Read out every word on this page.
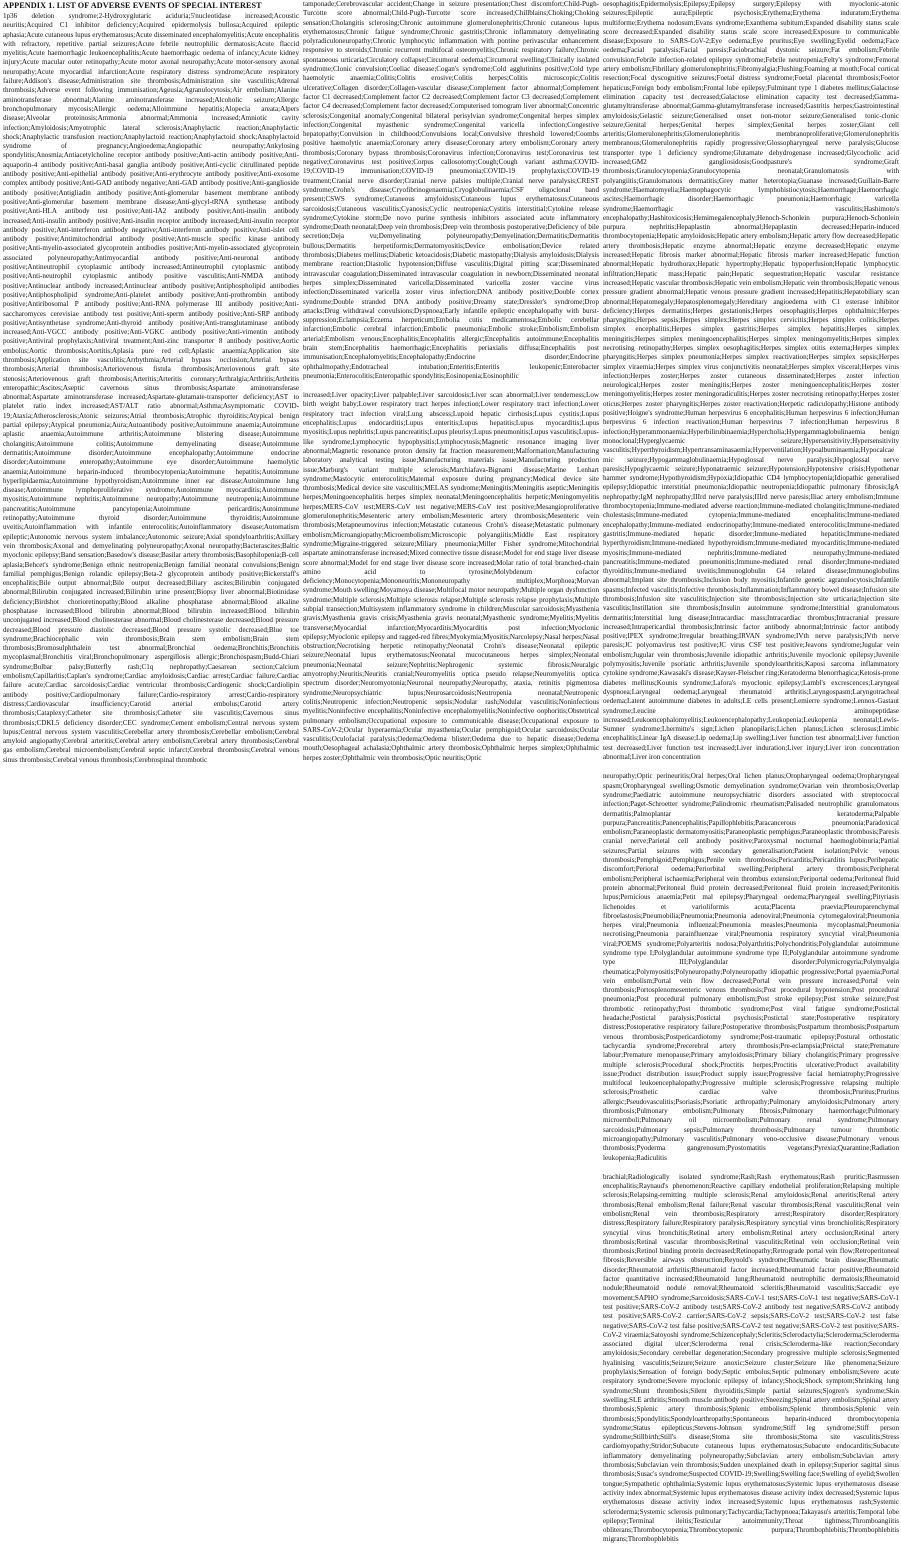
APPENDIX 1. LIST OF ADVERSE EVENTS OF SPECIAL INTEREST

1p36 deletion syndrome;2-Hydroxyglutaric aciduria;5'nucleotidase increased;Acoustic neuritis;Acquired C1 inhibitor deficiency;Acquired epidermolysis bullosa;Acquired epileptic aphasia;Acute cutaneous lupus erythematosus;Acute disseminated encephalomyelitis;Acute encephalitis with refractory, repetitive partial seizures;Acute febrile neutrophilic dermatosis;Acute flaccid myelitis;Acute haemorrhagic leukoencephalitis;Acute haemorrhagic oedema of infancy;Acute kidney injury;Acute macular outer retinopathy;Acute motor axonal neuropathy;Acute motor-sensory axonal neuropathy;Acute myocardial infarction;Acute respiratory distress syndrome;Acute respiratory failure;Addison's disease;Administration site thrombosis;Administration site vasculitis;Adrenal thrombosis;Adverse event following immunisation;Ageusia;Agranulocytosis;Air embolism;Alanine aminotransferase abnormal;Alanine aminotransferase increased;Alcoholic seizure;Allergic bronchopulmonary mycosis;Allergic oedema;Alloimmune hepatitis;Alopecia areata;Alpers disease;Alveolar proteinosis;Ammonia abnormal;Ammonia increased;Amniotic cavity infection;Amyloidosis;Amyotrophic lateral sclerosis;Anaphylactic reaction;Anaphylactic shock;Anaphylactic transfusion reaction;Anaphylactoid reaction;Anaphylactoid shock;Anaphylactoid syndrome of pregnancy;Angioedema;Angiopathic neuropathy;Ankylosing spondylitis;Anosmia;Antiacetylcholine receptor antibody positive;Anti-actin antibody positive;Anti-aquaporin-4 antibody positive;Anti-basal ganglia antibody positive;Anti-cyclic citrullinated peptide antibody positive;Anti-epithelial antibody positive;Anti-erythrocyte antibody positive;Anti-exosome complex antibody positive;Anti-GAD antibody negative;Anti-GAD antibody positive;Anti-ganglioside antibody positive;Antigliadin antibody positive;Anti-glomerular basement membrane antibody positive;Anti-glomerular basement membrane disease;Anti-glycyl-tRNA synthetase antibody positive;Anti-HLA antibody test positive;Anti-IA2 antibody positive;Anti-insulin antibody increased;Anti-insulin antibody positive;Anti-insulin receptor antibody increased;Anti-insulin receptor antibody positive;Anti-interferon antibody negative;Anti-interferon antibody positive;Anti-islet cell antibody positive;Antimitochondrial antibody positive;Anti-muscle specific kinase antibody positive;Anti-myelin-associated glycoprotein antibodies positive;Anti-myelin-associated glycoprotein associated polyneuropathy;Antimyocardial antibody positive;Anti-neuronal antibody positive;Antineutrophil cytoplasmic antibody increased;Antineutrophil cytoplasmic antibody positive;Anti-neutrophil cytoplasmic antibody positive vasculitis;Anti-NMDA antibody positive;Antinuclear antibody increased;Antinuclear antibody positive;Antiphospholipid antibodies positive;Antiphospholipid syndrome;Anti-platelet antibody positive;Anti-prothrombin antibody positive;Antiribosomal P antibody positive;Anti-RNA polymerase III antibody positive;Anti-saccharomyces cerevisiae antibody test positive;Anti-sperm antibody positive;Anti-SRP antibody positive;Antisynthetase syndrome;Anti-thyroid antibody positive;Anti-transglutaminase antibody increased;Anti-VGCC antibody positive;Anti-VGKC antibody positive;Anti-vimentin antibody positive;Antiviral prophylaxis;Antiviral treatment;Anti-zinc transporter 8 antibody positive;Aortic embolus;Aortic thrombosis;Aortitis;Aplasia pure red cell;Aplastic anaemia;Application site thrombosis;Application site vasculitis;Arrhythmia;Arterial bypass occlusion;Arterial bypass thrombosis;Arterial thrombosis;Arteriovenous fistula thrombosis;Arteriovenous graft site stenosis;Arteriovenous graft thrombosis;Arteritis;Arteritis coronary;Arthralgia;Arthritis;Arthritis enteropathic;Ascites;Aseptic cavernous sinus thrombosis;Aspartate aminotransferase abnormal;Aspartate aminotransferase increased;Aspartate-glutamate-transporter deficiency;AST to platelet ratio index increased;AST/ALT ratio abnormal;Asthma;Asymptomatic COVID-19;Ataxia;Atherosclerosis;Atonic seizures;Atrial thrombosis;Atrophic thyroiditis;Atypical benign partial epilepsy;Atypical pneumonia;Aura;Autoantibody positive;Autoimmune anaemia;Autoimmune aplastic anaemia;Autoimmune arthritis;Autoimmune blistering disease;Autoimmune cholangitis;Autoimmune colitis;Autoimmune demyelinating disease;Autoimmune dermatitis;Autoimmune disorder;Autoimmune encephalopathy;Autoimmune endocrine disorder;Autoimmune enteropathy;Autoimmune eye disorder;Autoimmune haemolytic anaemia;Autoimmune heparin-induced thrombocytopenia;Autoimmune hepatitis;Autoimmune hyperlipidaemia;Autoimmune hypothyroidism;Autoimmune inner ear disease;Autoimmune lung disease;Autoimmune lymphoproliferative syndrome;Autoimmune myocarditis;Autoimmune myositis;Autoimmune nephritis;Autoimmune neuropathy;Autoimmune neutropenia;Autoimmune pancreatitis;Autoimmune pancytopenia;Autoimmune pericarditis;Autoimmune retinopathy;Autoimmune thyroid disorder;Autoimmune thyroiditis;Autoimmune uveitis;Autoinflammation with infantile enterocolitis;Autoinflammatory disease;Automatism epileptic;Autonomic nervous system imbalance;Autonomic seizure;Axial spondyloarthritis;Axillary vein thrombosis;Axonal and demyelinating polyneuropathy;Axonal neuropathy;Bacterascites;Baltic myoclonic epilepsy;Band sensation;Basedow's disease;Basilar artery thrombosis;Basophilopenia;B-cell aplasia;Behcet's syndrome;Benign ethnic neutropenia;Benign familial neonatal convulsions;Benign familial pemphigus;Benign rolandic epilepsy;Beta-2 glycoprotein antibody positive;Bickerstaff's encephalitis;Bile output abnormal;Bile output decreased;Biliary ascites;Bilirubin conjugated abnormal;Bilirubin conjugated increased;Bilirubin urine present;Biopsy liver abnormal;Biotinidase deficiency;Birdshot chorioretinopathy;Blood alkaline phosphatase abnormal;Blood alkaline phosphatase increased;Blood bilirubin abnormal;Blood bilirubin increased;Blood bilirubin unconjugated increased;Blood cholinesterase abnormal;Blood cholinesterase decreased;Blood pressure decreased;Blood pressure diastolic decreased;Blood pressure systolic decreased;Blue toe syndrome;Brachiocephalic vein thrombosis;Brain stem embolism;Brain stem thrombosis;Bromosulphthalein test abnormal;Bronchial oedema;Bronchitis;Bronchitis mycoplasmal;Bronchitis viral;Bronchopulmonary aspergillosis allergic;Bronchospasm;Budd-Chiari syndrome;Bulbar palsy;Butterfly rash;C1q nephropathy;Caesarean section;Calcium embolism;Capillaritis;Caplan's syndrome;Cardiac amyloidosis;Cardiac arrest;Cardiac failure;Cardiac failure acute;Cardiac sarcoidosis;Cardiac ventricular thrombosis;Cardiogenic shock;Cardiolipin antibody positive;Cardiopulmonary failure;Cardio-respiratory arrest;Cardio-respiratory distress;Cardiovascular insufficiency;Carotid arterial embolus;Carotid artery thrombosis;Cataplexy;Catheter site thrombosis;Catheter site vasculitis;Cavernous sinus thrombosis;CDKL5 deficiency disorder;CEC syndrome;Cement embolism;Central nervous system lupus;Central nervous system vasculitis;Cerebellar artery thrombosis;Cerebellar embolism;Cerebral amyloid angiopathy;Cerebral arteritis;Cerebral artery embolism;Cerebral artery thrombosis;Cerebral gas embolism;Cerebral microembolism;Cerebral septic infarct;Cerebral thrombosis;Cerebral venous sinus thrombosis;Cerebral venous thrombosis;Cerebrospinal thrombotic

tamponade;Cerebrovascular accident;Change in seizure presentation;Chest discomfort;Child-Pugh-Turcotte score abnormal;Child-Pugh-Turcotte score increased;Chillblains;Choking;Choking sensation;Cholangitis sclerosing;Chronic autoimmune glomerulonephritis;Chronic cutaneous lupus erythematosus;Chronic fatigue syndrome;Chronic gastritis;Chronic inflammatory demyelinating polyradiculoneuropathy;Chronic lymphocytic inflammation with pontine perivascular enhancement responsive to steroids;Chronic recurrent multifocal osteomyelitis;Chronic respiratory failure;Chronic spontaneous urticaria;Circulatory collapse;Circumoral oedema;Circumoral swelling;Clinically isolated syndrome;Clonic convulsion;Coeliac disease;Cogan's syndrome;Cold agglutinins positive;Cold type haemolytic anaemia;Colitis;Colitis erosive;Colitis herpes;Colitis microscopic;Colitis ulcerative;Collagen disorder;Collagen-vascular disease;Complement factor abnormal;Complement factor C1 decreased;Complement factor C2 decreased;Complement factor C3 decreased;Complement factor C4 decreased;Complement factor decreased;Computerised tomogram liver abnormal;Concentric sclerosis;Congenital anomaly;Congenital bilateral perisylvian syndrome;Congenital herpes simplex infection;Congenital myasthenic syndrome;Congenital varicella infection;Congestive hepatopathy;Convulsion in childhood;Convulsions local;Convulsive threshold lowered;Coombs positive haemolytic anaemia;Coronary artery disease;Coronary artery embolism;Coronary artery thrombosis;Coronary bypass thrombosis;Coronavirus infection;Coronavirus test;Coronavirus test negative;Coronavirus test positive;Corpus callosotomy;Cough;Cough variant asthma;COVID-19;COVID-19 immunisation;COVID-19 pneumonia;COVID-19 prophylaxis;COVID-19 treatment;Cranial nerve disorder;Cranial nerve palsies multiple;Cranial nerve paralysis;CREST syndrome;Crohn's disease;Cryofibrinogenaemia;Cryoglobulinaemia;CSF oligoclonal band present;CSWS syndrome;Cutaneous amyloidosis;Cutaneous lupus erythematosus;Cutaneous sarcoidosis;Cutaneous vasculitis;Cyanosis;Cyclic neutropenia;Cystitis interstitial;Cytokine release syndrome;Cytokine storm;De novo purine synthesis inhibitors associated acute inflammatory syndrome;Death neonatal;Deep vein thrombosis;Deep vein thrombosis postoperative;Deficiency of bile secretion;Deja vu;Demyelinating polyneuropathy;Demyelination;Dermatitis;Dermatitis bullous;Dermatitis herpetiformis;Dermatomyositis;Device embolisation;Device related thrombosis;Diabetes mellitus;Diabetic ketoacidosis;Diabetic mastopathy;Dialysis amyloidosis;Dialysis membrane reaction;Diastolic hypotension;Diffuse vasculitis;Digital pitting scar;Disseminated intravascular coagulation;Disseminated intravascular coagulation in newborn;Disseminated neonatal herpes simplex;Disseminated varicella;Disseminated varicella zoster vaccine virus infection;Disseminated varicella zoster virus infection;DNA antibody positive;Double cortex syndrome;Double stranded DNA antibody positive;Dreamy state;Dressler's syndrome;Drop attacks;Drug withdrawal convulsions;Dyspnoea;Early infantile epileptic encephalopathy with burst-suppression;Eclampsia;Eczema herpeticum;Embolia cutis medicamentosa;Embolic cerebellar infarction;Embolic cerebral infarction;Embolic pneumonia;Embolic stroke;Embolism;Embolism arterial;Embolism venous;Encephalitis;Encephalitis allergic;Encephalitis autoimmune;Encephalitis brain stem;Encephalitis haemorrhagic;Encephalitis periaxialis diffusa;Encephalitis post immunisation;Encephalomyelitis;Encephalopathy;Endocrine disorder;Endocrine ophthalmopathy;Endotracheal intubation;Enteritis;Enteritis leukopenic;Enterobacter pneumonia;Enterocolitis;Enteropathic spondylitis;Eosinopenia;Eosinophilic

increased;Liver opacity;Liver palpable;Liver sarcoidosis;Liver scan abnormal;Liver tenderness;Low birth weight baby;Lower respiratory tract herpes infection;Lower respiratory tract infection;Lower respiratory tract infection viral;Lung abscess;Lupoid hepatic cirrhosis;Lupus cystitis;Lupus encephalitis;Lupus endocarditis;Lupus enteritis;Lupus hepatitis;Lupus myocarditis;Lupus myositis;Lupus nephritis;Lupus pancreatitis;Lupus pleurisy;Lupus pneumonitis;Lupus vasculitis;Lupus-like syndrome;Lymphocytic hypophysitis;Lymphocytosis;Magnetic resonance imaging liver abnormal;Magnetic resonance proton density fat fraction measurement;Malformation;Manufacturing laboratory analytical testing issue;Manufacturing materials issue;Manufacturing production issue;Marburg's variant multiple sclerosis;Marchiafava-Bignami disease;Marine Lenhart syndrome;Mastocytic enterocolitis;Maternal exposure during pregnancy;Medical device site thrombosis;Medical device site vasculitis;MELAS syndrome;Meningitis;Meningitis aseptic;Meningitis herpes;Meningoencephalitis herpes simplex neonatal;Meningoencephalitis herpetic;Meningomyelitis herpes;MERS-CoV test;MERS-CoV test negative;MERS-CoV test positive;Mesangioproliferative glomerulonephritis;Mesenteric artery embolism;Mesenteric artery thrombosis;Mesenteric vein thrombosis;Metapneumovirus infection;Metastatic cutaneous Crohn's disease;Metastatic pulmonary embolism;Microangiopathy;Microembolism;Microscopic polyangiitis;Middle East respiratory syndrome;Migraine-triggered seizure;Miliary pneumonia;Miller Fisher syndrome;Mitochondrial aspartate aminotransferase increased;Mixed connective tissue disease;Model for end stage liver disease score abnormal;Model for end stage liver disease score increased;Molar ratio of total branched-chain amino acid to tyrosine;Molybdenum cofactor deficiency;Monocytopenia;Mononeuritis;Mononeuropathy multiplex;Morphoea;Morvan syndrome;Mouth swelling;Moyamoya disease;Multifocal motor neuropathy;Multiple organ dysfunction syndrome;Multiple sclerosis;Multiple sclerosis relapse;Multiple sclerosis relapse prophylaxis;Multiple subpial transection;Multisystem inflammatory syndrome in children;Muscular sarcoidosis;Myasthenia gravis;Myasthenia gravis crisis;Myasthenia gravis neonatal;Myasthenic syndrome;Myelitis;Myelitis transverse;Myocardial infarction;Myocarditis;Myocarditis post infection;Myoclonic epilepsy;Myoclonic epilepsy and ragged-red fibres;Myokymia;Myositis;Narcolepsy;Nasal herpes;Nasal obstruction;Necrotising herpetic retinopathy;Neonatal Crohn's disease;Neonatal epileptic seizure;Neonatal lupus erythematosus;Neonatal mucocutaneous herpes simplex;Neonatal pneumonia;Neonatal seizure;Nephritis;Nephrogenic systemic fibrosis;Neuralgic amyotrophy;Neuritis;Neuritis cranial;Neuromyelitis optica pseudo relapse;Neuromyelitis optica spectrum disorder;Neuromyotonia;Neuronal neuropathy;Neuropathy, ataxia, retinitis pigmentosa syndrome;Neuropsychiatric lupus;Neurosarcoidosis;Neutropenia neonatal;Neutropenic colitis;Neutropenic infection;Neutropenic sepsis;Nodular rash;Nodular vasculitis;Noninfectious myelitis;Noninfective encephalitis;Noninfective encephalomyelitis;Noninfective oophoritis;Obstetrical pulmonary embolism;Occupational exposure to communicable disease;Occupational exposure to SARS-CoV-2;Ocular hyperaemia;Ocular myasthenia;Ocular pemphigoid;Ocular sarcoidosis;Ocular vasculitis;Oculofacial paralysis;Oedema;Oedema blister;Oedema due to hepatic disease;Oedema mouth;Oesophageal achalasia;Ophthalmic artery thrombosis;Ophthalmic herpes simplex;Ophthalmic herpes zoster;Ophthalmic vein thrombosis;Optic neuritis;Optic

oesophagitis;Epidermolysis;Epilepsy;Epilepsy surgery;Epilepsy with myoclonic-atonic seizures;Epileptic aura;Epileptic psychosis;Erythema;Erythema induratum;Erythema multiforme;Erythema nodosum;Evans syndrome;Exanthema subitum;Expanded disability status scale score decreased;Expanded disability status scale score increased;Exposure to communicable disease;Exposure to SARS-CoV-2;Eye oedema;Eye pruritus;Eye swelling;Eyelid oedema;Face oedema;Facial paralysis;Facial paresis;Faciobrachial dystonic seizure;Fat embolism;Febrile convulsion;Febrile infection-related epilepsy syndrome;Febrile neutropenia;Felty's syndrome;Femoral artery embolism;Fibrillary glomerulonephritis;Fibromyalgia;Flushing;Foaming at mouth;Focal cortical resection;Focal dyscognitive seizures;Foetal distress syndrome;Foetal placental thrombosis;Foetor hepaticus;Foreign body embolism;Frontal lobe epilepsy;Fulminant type 1 diabetes mellitus;Galactose elimination capacity test decreased;Galactose elimination capacity test decreased;Gamma-glutamyltransferase abnormal;Gamma-glutamyltransferase increased;Gastritis herpes;Gastrointestinal amyloidosis;Gelastic seizure;Generalised onset non-motor seizure;Generalised tonic-clonic seizure;Genital herpes;Genital herpes simplex;Genital herpes zoster;Giant cell arteritis;Glomerulonephritis;Glomerulonephritis membranoproliferative;Glomerulonephritis membranous;Glomerulonephritis rapidly progressive;Glossopharyngeal nerve paralysis;Glucose transporter type 1 deficiency syndrome;Glutamate dehydrogenase increased;Glycocholic acid increased;GM2 gangliosidosis;Goodpasture's syndrome;Graft thrombosis;Granulocytopenia;Granulocytopenia neonatal;Granulomatosis with polyangiitis;Granulomatous dermatitis;Grey matter heterotopia;Guanase increased;Guillain-Barre syndrome;Haematomyelia;Haemophagocytic lymphohistiocytosis;Haemorrhage;Haemorrhagic ascites;Haemorrhagic disorder;Haemorrhagic pneumonia;Haemorrhagic varicella syndrome;Haemorrhagic vasculitis;Hashimoto's encephalopathy;Hashitoxicosis;Hemimegalencephaly;Henoch-Schonlein purpura;Henoch-Schonlein purpura nephritis;Hepaplastin abnormal;Hepaplastin decreased;Heparin-induced thrombocytopenia;Hepatic amyloidosis;Hepatic artery embolism;Hepatic artery flow decreased;Hepatic artery thrombosis;Hepatic enzyme abnormal;Hepatic enzyme decreased;Hepatic enzyme increased;Hepatic fibrosis marker abnormal;Hepatic fibrosis marker increased;Hepatic function abnormal;Hepatic hydrothorax;Hepatic hypertrophy;Hepatic hypoperfusion;Hepatic lymphocytic infiltration;Hepatic mass;Hepatic pain;Hepatic sequestration;Hepatic vascular resistance increased;Hepatic vascular thrombosis;Hepatic vein embolism;Hepatic vein thrombosis;Hepatic venous pressure gradient abnormal;Hepatic venous pressure gradient increased;Hepatitis;Hepatobiliary scan abnormal;Hepatomegaly;Hepatosplenomegaly;Hereditary angioedema with C1 esterase inhibitor deficiency;Herpes dermatitis;Herpes gestationis;Herpes oesophagitis;Herpes ophthalmic;Herpes pharyngitis;Herpes sepsis;Herpes simplex;Herpes simplex cervicitis;Herpes simplex colitis;Herpes simplex encephalitis;Herpes simplex gastritis;Herpes simplex hepatitis;Herpes simplex meningitis;Herpes simplex meningoencephalitis;Herpes simplex meningomyelitis;Herpes simplex necrotising retinopathy;Herpes simplex oesophagitis;Herpes simplex otitis externa;Herpes simplex pharyngitis;Herpes simplex pneumonia;Herpes simplex reactivation;Herpes simplex sepsis;Herpes simplex viraemia;Herpes simplex virus conjunctivitis neonatal;Herpes simplex visceral;Herpes virus infection;Herpes zoster;Herpes zoster cutaneous disseminated;Herpes zoster infection neurological;Herpes zoster meningitis;Herpes zoster meningoencephalitis;Herpes zoster meningomyelitis;Herpes zoster meningoradiculitis;Herpes zoster necrotising retinopathy;Herpes zoster oticus;Herpes zoster pharyngitis;Herpes zoster reactivation;Herpetic radiculopathy;Histone antibody positive;Hoigne's syndrome;Human herpesvirus 6 encephalitis;Human herpesvirus 6 infection;Human herpesvirus 6 infection reactivation;Human herpesvirus 7 infection;Human herpesvirus 8 infection;Hyperammonaemia;Hyperbilirubinaemia;Hypercholia;Hypergammaglobulinaemia benign monoclonal;Hyperglycaemic seizure;Hypersensitivity;Hypersensitivity vasculitis;Hyperthyroidism;Hypertransaminasaemia;Hyperventilation;Hypoalbuminaemia;Hypocalcaemic seizure;Hypogammaglobulinaemia;Hypoglossal nerve paralysis;Hypoglossal nerve paresis;Hypoglycaemic seizure;Hyponatraemic seizure;Hypotension;Hypotensive crisis;Hypothenar hammer syndrome;Hypothyroidism;Hypoxia;Idiopathic CD4 lymphocytopenia;Idiopathic generalised epilepsy;Idiopathic interstitial pneumonia;Idiopathic neutropenia;Idiopathic pulmonary fibrosis;IgA nephropathy;IgM nephropathy;IIIrd nerve paralysis;IIIrd nerve paresis;Iliac artery embolism;Immune thrombocytopenia;Immune-mediated adverse reaction;Immune-mediated cholangitis;Immune-mediated cholestasis;Immune-mediated cytopenia;Immune-mediated encephalitis;Immune-mediated encephalopathy;Immune-mediated endocrinopathy;Immune-mediated enterocolitis;Immune-mediated gastritis;Immune-mediated hepatic disorder;Immune-mediated hepatitis;Immune-mediated hyperthyroidism;Immune-mediated hypothyroidism;Immune-mediated myocarditis;Immune-mediated myositis;Immune-mediated nephritis;Immune-mediated neuropathy;Immune-mediated pancreatitis;Immune-mediated pneumonitis;Immune-mediated renal disorder;Immune-mediated thyroiditis;Immune-mediated uveitis;Immunoglobulin G4 related disease;Immunoglobulins abnormal;Implant site thrombosis;Inclusion body myositis;Infantile genetic agranulocytosis;Infantile spasms;Infected vasculitis;Infective thrombosis;Inflammation;Inflammatory bowel disease;Infusion site thrombosis;Infusion site vasculitis;Injection site thrombosis;Injection site urticaria;Injection site vasculitis;Instillation site thrombosis;Insulin autoimmune syndrome;Interstitial granulomatous dermatitis;Interstitial lung disease;Intracardiac mass;Intracardiac thrombus;Intracranial pressure increased;Intrapericardial thrombosis;Intrinsic factor antibody abnormal;Intrinsic factor antibody positive;IPEX syndrome;Irregular breathing;IRVAN syndrome;IVth nerve paralysis;IVth nerve paresis;JC polyomavirus test positive;JC virus CSF test positive;Jeavons syndrome;Jugular vein embolism;Jugular vein thrombosis;Juvenile idiopathic arthritis;Juvenile myoclonic epilepsy;Juvenile polymyositis;Juvenile psoriatic arthritis;Juvenile spondyloarthritis;Kaposi sarcoma inflammatory cytokine syndrome;Kawasaki's disease;Kayser-Fleischer ring;Keratoderma blenorrhagica;Ketosis-prone diabetes mellitus;Kounis syndrome;Lafora's myoclonic epilepsy;Lambl's excrescences;Laryngeal dyspnoea;Laryngeal oedema;Laryngeal rheumatoid arthritis;Laryngospasm;Laryngotracheal oedema;Latent autoimmune diabetes in adults;LE cells present;Lemierre syndrome;Lennox-Gastaut syndrome;Leucine aminopeptidase increased;Leukoencephalomyelitis;Leukoencephalopathy;Leukopenia;Leukopenia neonatal;Lewis-Sumner syndrome;Lhermitte's sign;Lichen planopilaris;Lichen planus;Lichen sclerosus;Limbic encephalitis;Linear IgA disease;Lip oedema;Lip swelling;Liver function test abnormal;Liver function test decreased;Liver function test increased;Liver induration;Liver injury;Liver iron concentration abnormal;Liver iron concentration

neuropathy;Optic perineuritis;Oral herpes;Oral lichen planus;Oropharyngeal oedema;Oropharyngeal spasm;Oropharyngeal swelling;Osmotic demyelination syndrome;Ovarian vein thrombosis;Overlap syndrome;Paediatric autoimmune neuropsychiatric disorders associated with streptococcal infection;Paget-Schroetter syndrome;Palindromic rheumatism;Palisaded neutrophilic granulomatous dermatitis;Palmoplantar keratoderma;Palpable purpura;Pancreatitis;Panencephalitis;Papillophlebitis;Paracancerous pneumonia;Paradoxical embolism;Paraneoplastic dermatomyositis;Paraneoplastic pemphigus;Paraneoplastic thrombosis;Paresis cranial nerve;Parietal cell antibody positive;Paroxysmal nocturnal haemoglobinuria;Partial seizures;Partial seizures with secondary generalisation;Patient isolation;Pelvic venous thrombosis;Pemphigoid;Pemphigus;Penile vein thrombosis;Pericarditis;Pericarditis lupus;Perihepatic discomfort;Perioral oedema;Periorbital swelling;Peripheral artery thrombosis;Peripheral embolism;Peripheral ischaemia;Peripheral vein thrombus extension;Periportal oedema;Peritoneal fluid protein abnormal;Peritoneal fluid protein decreased;Peritoneal fluid protein increased;Peritonitis lupus;Pernicious anaemia;Petit mal epilepsy;Pharyngeal oedema;Pharyngeal swelling;Pityriasis lichenoides et varioliformis acuta;Placenta praevia;Pleuroparenchymal fibroelastosis;Pneumobilia;Pneumonia;Pneumonia adenoviral;Pneumonia cytomegaloviral;Pneumonia herpes viral;Pneumonia influenzal;Pneumonia measles;Pneumonia mycoplasmal;Pneumonia necrotising;Pneumonia parainfluenzae viral;Pneumonia respiratory syncytial viral;Pneumonia viral;POEMS syndrome;Polyarteritis nodosa;Polyarthritis;Polychondritis;Polyglandular autoimmune syndrome type I;Polyglandular autoimmune syndrome type II;Polyglandular autoimmune syndrome type III;Polyglandular disorder;Polymicrogyria;Polymyalgia rheumatica;Polymyositis;Polyneuropathy;Polyneuropathy idiopathic progressive;Portal pyaemia;Portal vein embolism;Portal vein flow decreased;Portal vein pressure increased;Portal vein thrombosis;Portosplenomesenteric venous thrombosis;Post procedural hypotension;Post procedural pneumonia;Post procedural pulmonary embolism;Post stroke epilepsy;Post stroke seizure;Post thrombotic retinopathy;Post thrombotic syndrome;Post viral fatigue syndrome;Postictal headache;Postictal paralysis;Postictal psychosis;Postictal state;Postoperative respiratory distress;Postoperative respiratory failure;Postoperative thrombosis;Postpartum thrombosis;Postpartum venous thrombosis;Postpericardiotomy syndrome;Post-traumatic epilepsy;Postural orthostatic tachycardia syndrome;Precerebral artery thrombosis;Pre-eclampsia;Preictal state;Premature labour;Premature menopause;Primary amyloidosis;Primary biliary cholangitis;Primary progressive multiple sclerosis;Procedural shock;Proctitis herpes;Proctitis ulcerative;Product availability issue;Product distribution issue;Product supply issue;Progressive facial hemiatrophy;Progressive multifocal leukoencephalopathy;Progressive multiple sclerosis;Progressive relapsing multiple sclerosis;Prosthetic cardiac valve thrombosis;Pruritus;Pruritus allergic;Pseudovasculitis;Psoriasis;Psoriatic arthropathy;Pulmonary amyloidosis;Pulmonary artery thrombosis;Pulmonary embolism;Pulmonary fibrosis;Pulmonary haemorrhage;Pulmonary microemboli;Pulmonary oil microembolism;Pulmonary renal syndrome;Pulmonary sarcoidosis;Pulmonary sepsis;Pulmonary thrombosis;Pulmonary tumour thrombotic microangiopathy;Pulmonary vasculitis;Pulmonary veno-occlusive disease;Pulmonary venous thrombosis;Pyoderma gangrenosum;Pyostomatitis vegetans;Pyrexia;Quarantine;Radiation leukopenia;Radiculitis

brachial;Radiologically isolated syndrome;Rash;Rash erythematous;Rash pruritic;Rasmussen encephalitis;Raynaud's phenomenon;Reactive capillary endothelial proliferation;Relapsing multiple sclerosis;Relapsing-remitting multiple sclerosis;Renal amyloidosis;Renal arteritis;Renal artery thrombosis;Renal embolism;Renal failure;Renal vascular thrombosis;Renal vasculitis;Renal vein embolism;Renal vein thrombosis;Respiratory arrest;Respiratory disorder;Respiratory distress;Respiratory failure;Respiratory paralysis;Respiratory syncytial virus bronchiolitis;Respiratory syncytial virus bronchitis;Retinal artery embolism;Retinal artery occlusion;Retinal artery thrombosis;Retinal vascular thrombosis;Retinal vasculitis;Retinal vein occlusion;Retinal vein thrombosis;Retinol binding protein decreased;Retinopathy;Retrograde portal vein flow;Retroperitoneal fibrosis;Reversible airways obstruction;Reynold's syndrome;Rheumatic brain disease;Rheumatic disorder;Rheumatoid arthritis;Rheumatoid factor increased;Rheumatoid factor positive;Rheumatoid factor quantitative increased;Rheumatoid lung;Rheumatoid neutrophilic dermatosis;Rheumatoid nodule;Rheumatoid nodule removal;Rheumatoid scleritis;Rheumatoid vasculitis;Saccadic eye movement;SAPHO syndrome;Sarcoidosis;SARS-CoV-1 test;SARS-CoV-1 test negative;SARS-CoV-1 test positive;SARS-CoV-2 antibody test;SARS-CoV-2 antibody test negative;SARS-CoV-2 antibody test positive;SARS-CoV-2 carrier;SARS-CoV-2 sepsis;SARS-CoV-2 test;SARS-CoV-2 test false negative;SARS-CoV-2 test false positive;SARS-CoV-2 test negative;SARS-CoV-2 test positive;SARS-CoV-2 viraemia;Satoyoshi syndrome;Schizencephaly;Scleritis;Sclerodactylia;Scleroderma;Scleroderma associated digital ulcer;Scleroderma renal crisis;Scleroderma-like reaction;Secondary amyloidosis;Secondary cerebellar degeneration;Secondary progressive multiple sclerosis;Segmented hyalinising vasculitis;Seizure;Seizure anoxic;Seizure cluster;Seizure like phenomena;Seizure prophylaxis;Sensation of foreign body;Septic embolus;Septic pulmonary embolism;Severe acute respiratory syndrome;Severe myoclonic epilepsy of infancy;Shock;Shock symptom;Shrinking lung syndrome;Shunt thrombosis;Silent thyroiditis;Simple partial seizures;Sjogren's syndrome;Skin swelling;SLE arthritis;Smooth muscle antibody positive;Sneezing;Spinal artery embolism;Spinal artery thrombosis;Splenic artery thrombosis;Splenic embolism;Splenic thrombosis;Splenic vein thrombosis;Spondylitis;Spondyloarthropathy;Spontaneous heparin-induced thrombocytopenia syndrome;Status epilepticus;Stevens-Johnson syndrome;Stiff leg syndrome;Stiff person syndrome;Stillbirth;Still's disease;Stoma site thrombosis;Stoma site vasculitis;Stress cardiomyopathy;Stridor;Subacute cutaneous lupus erythematosus;Subacute endocarditis;Subacute inflammatory demyelinating polyneuropathy;Subclavian artery embolism;Subclavian artery thrombosis;Subclavian vein thrombosis;Sudden unexplained death in epilepsy;Superior sagittal sinus thrombosis;Susac's syndrome;Suspected COVID-19;Swelling;Swelling face;Swelling of eyelid;Swollen tongue;Sympathetic ophthalmia;Systemic lupus erythematosus;Systemic lupus erythematosus disease activity index abnormal;Systemic lupus erythematosus disease activity index decreased;Systemic lupus erythematosus disease activity index increased;Systemic lupus erythematosus rash;Systemic scleroderma;Systemic sclerosis pulmonary;Tachycardia;Tachypnoea;Takayasu's arteritis;Temporal lobe epilepsy;Terminal ileitis;Testicular autoimmunity;Throat tightness;Thromboangiitis obliterans;Thrombocytopenia;Thrombocytopenic purpura;Thrombophlebitis;Thrombophlebitis migrans;Thrombophlebitis
